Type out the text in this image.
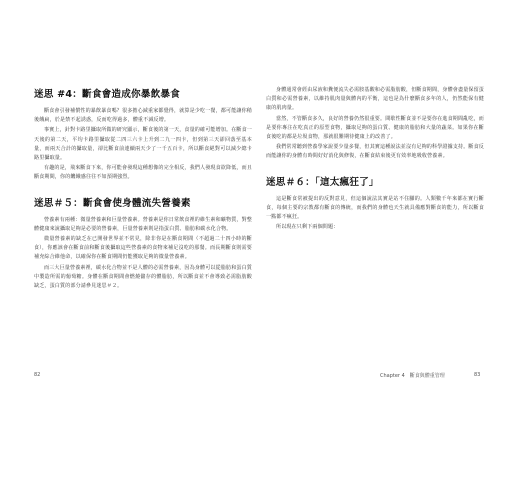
迷思 #4：斷食會造成你暴飲暴食

斷食會引發補償性的暴飲暴食嗎？很多擔心減重家都覺得，就算是少吃一餐，都可能讓你稍後餓扁，於是禁不起誘惑，反而吃得過多，體重不減反增。

事實上，針對卡路里攝取所做的研究顯示，斷食後的第一天，食量的確可能增加。在斷食一天後的第二天，平均卡路里攝取從二四三六卡上升到二九一四卡，但到第三天卻回落至基本量，而兩天合計的攝取量，卻比斷食前連續兩天少了一千五百卡，所以斷食絕對可以減少總卡路里攝取量。

有趣的是，飛來斷食下來，你可能會發現這種想像的完全相反，我們人發現食欲降低，而且斷食期間，你的饑餓感往往不如預期強烈。

迷思＃５：斷食會使身體流失營養素

營養素有兩種：微量營養素和巨量營養素。營養素是你日常飲食裡的維生素和礦物質，對整體健康來說攝取足夠是必要的營養素，巨量營養素則是指蛋白質、脂肪和碳水化合物。

微量營養素的缺乏在已開發世界並不常見，除非你是在斷食期間（不超過二十四小時的斷食），你應該會在斷食前和斷食後攝取這些營養素的食物來補足沒吃的那餐。而長期斷食則需要補充綜合維他命，以確保你在斷食期間仍能獲取足夠的微量營養素。

而三大巨量營養素裡，碳水化合物並不是人體的必需營養素，因為身體可以從脂肪和蛋白質中製造所需的葡萄糖。身體在斷食期間會燃燒儲存的體脂肪，所以斷食並不會導致必需脂肪酸缺乏，蛋白質的部分請參見迷思＃２。

身體通常會經由尿液和糞便流失必需胺基酸和必需脂肪酸，但斷食期間，身體會盡量保留蛋白質和必需營養素，以維持肌肉量與體內的平衡，這也是為什麼斷食多年的人，仍然能保有健康的肌肉量。

當然，不管斷食多久，良好的營養仍然很重要。間歇性斷食並不是要你在進食期間亂吃，而是要你專注在吃真正的原型食物，攝取足夠的蛋白質、健康的脂肪和大量的蔬菜。如果你在斷食後吃的都是垃圾食物，那就很難期待健康上的改善了。

我們常常聽到營養學家說要少量多餐，但其實這種說法並沒有足夠的科學證據支持。斷食反而能讓你的身體有時間好好消化與修復，在斷食結束後更有效率地吸收營養素。

迷思＃６：「這太瘋狂了」

這是斷食常被提出的反對意見，但這個說法其實是站不住腳的。人類數千年來都在實行斷食，每個主要的宗教都有斷食的傳統，而我們的身體也天生就具備應對斷食的能力，所以斷食一點都不瘋狂。

所以現在只剩下兩個問題：

82	Chapter 4　斷食與體重管理	83
